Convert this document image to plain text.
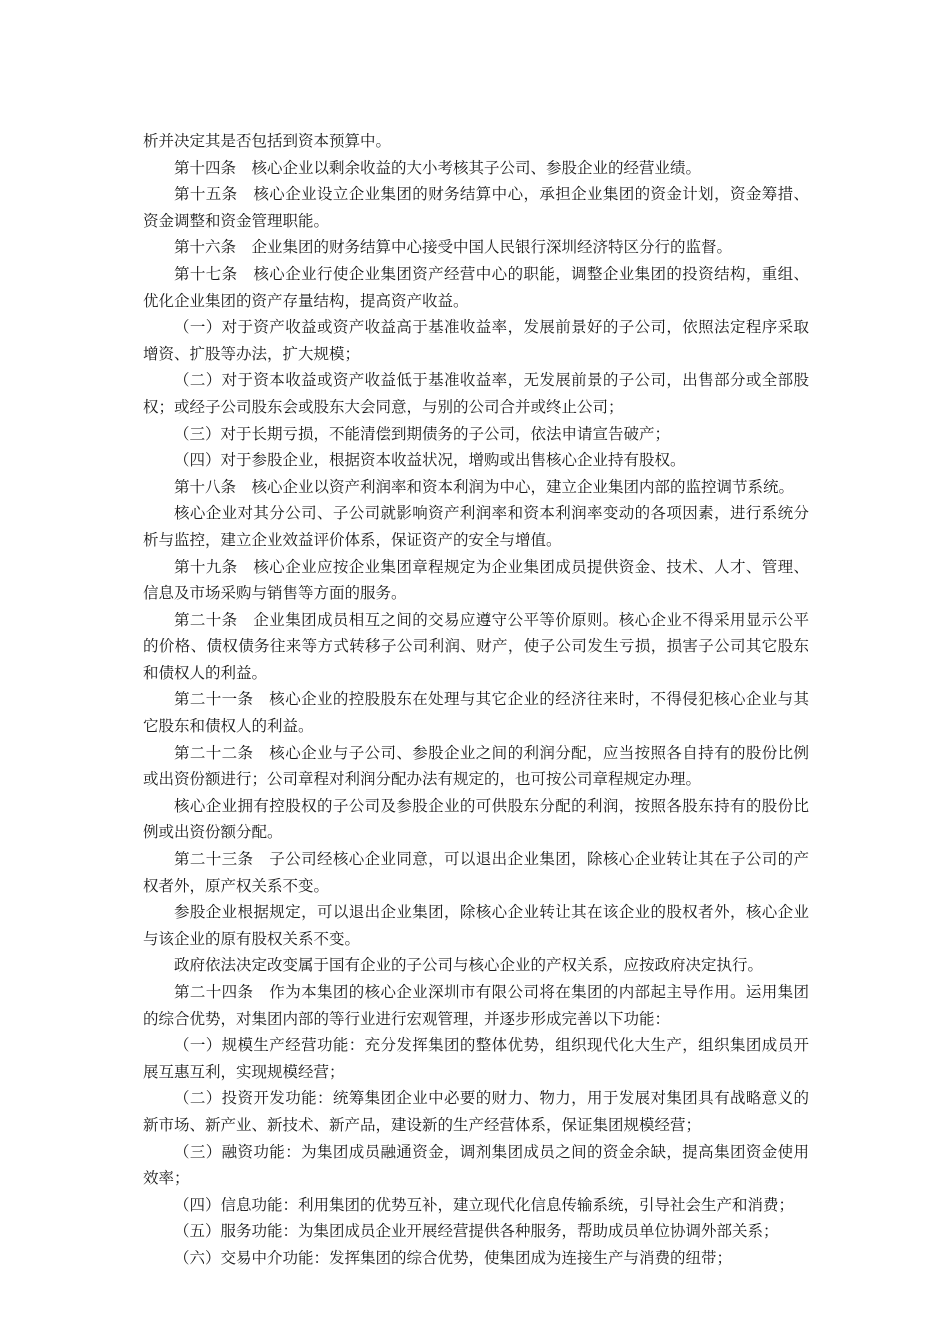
析并决定其是否包括到资本预算中。

第十四条　核心企业以剩余收益的大小考核其子公司、参股企业的经营业绩。

第十五条　核心企业设立企业集团的财务结算中心，承担企业集团的资金计划，资金筹措、资金调整和资金管理职能。

第十六条　企业集团的财务结算中心接受中国人民银行深圳经济特区分行的监督。

第十七条　核心企业行使企业集团资产经营中心的职能，调整企业集团的投资结构，重组、优化企业集团的资产存量结构，提高资产收益。

（一）对于资产收益或资产收益高于基准收益率，发展前景好的子公司，依照法定程序采取增资、扩股等办法，扩大规模；

（二）对于资本收益或资产收益低于基准收益率，无发展前景的子公司，出售部分或全部股权；或经子公司股东会或股东大会同意，与别的公司合并或终止公司；

（三）对于长期亏损，不能清偿到期债务的子公司，依法申请宣告破产；

（四）对于参股企业，根据资本收益状况，增购或出售核心企业持有股权。

第十八条　核心企业以资产利润率和资本利润为中心，建立企业集团内部的监控调节系统。

核心企业对其分公司、子公司就影响资产利润率和资本利润率变动的各项因素，进行系统分析与监控，建立企业效益评价体系，保证资产的安全与增值。

第十九条　核心企业应按企业集团章程规定为企业集团成员提供资金、技术、人才、管理、信息及市场采购与销售等方面的服务。

第二十条　企业集团成员相互之间的交易应遵守公平等价原则。核心企业不得采用显示公平的价格、债权债务往来等方式转移子公司利润、财产，使子公司发生亏损，损害子公司其它股东和债权人的利益。

第二十一条　核心企业的控股股东在处理与其它企业的经济往来时，不得侵犯核心企业与其它股东和债权人的利益。

第二十二条　核心企业与子公司、参股企业之间的利润分配，应当按照各自持有的股份比例或出资份额进行；公司章程对利润分配办法有规定的，也可按公司章程规定办理。

核心企业拥有控股权的子公司及参股企业的可供股东分配的利润，按照各股东持有的股份比例或出资份额分配。

第二十三条　子公司经核心企业同意，可以退出企业集团，除核心企业转让其在子公司的产权者外，原产权关系不变。

参股企业根据规定，可以退出企业集团，除核心企业转让其在该企业的股权者外，核心企业与该企业的原有股权关系不变。

政府依法决定改变属于国有企业的子公司与核心企业的产权关系，应按政府决定执行。

第二十四条　作为本集团的核心企业深圳市有限公司将在集团的内部起主导作用。运用集团的综合优势，对集团内部的等行业进行宏观管理，并逐步形成完善以下功能：

（一）规模生产经营功能：充分发挥集团的整体优势，组织现代化大生产，组织集团成员开展互惠互利，实现规模经营；

（二）投资开发功能：统筹集团企业中必要的财力、物力，用于发展对集团具有战略意义的新市场、新产业、新技术、新产品，建设新的生产经营体系，保证集团规模经营；

（三）融资功能：为集团成员融通资金，调剂集团成员之间的资金余缺，提高集团资金使用效率；

（四）信息功能：利用集团的优势互补，建立现代化信息传输系统，引导社会生产和消费；

（五）服务功能：为集团成员企业开展经营提供各种服务，帮助成员单位协调外部关系；

（六）交易中介功能：发挥集团的综合优势，使集团成为连接生产与消费的纽带；
